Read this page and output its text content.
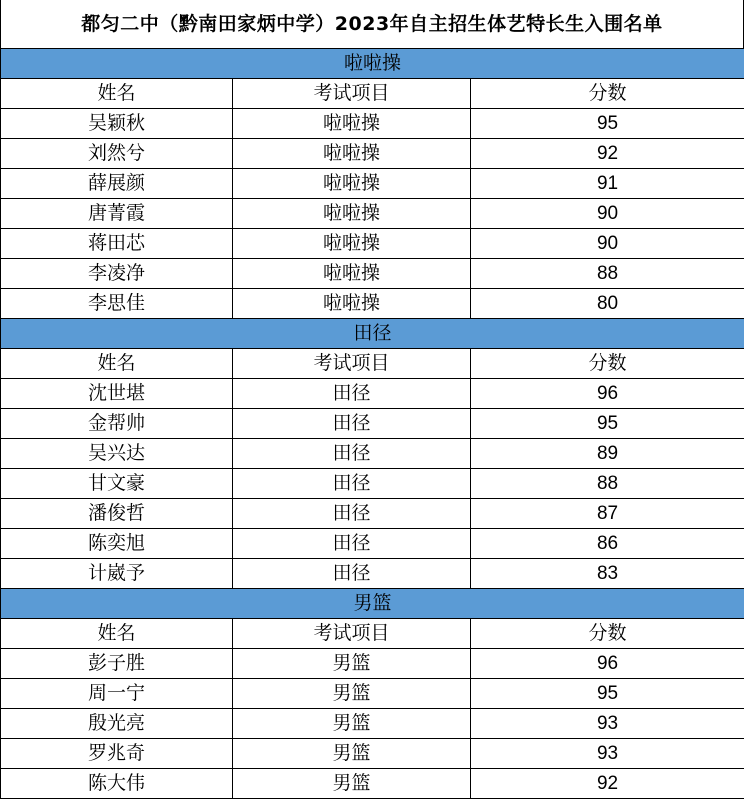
都匀二中（黔南田家炳中学）2023年自主招生体艺特长生入围名单
啦啦操		
姓名	考试项目	分数
吴颖秋	啦啦操	95
刘然兮	啦啦操	92
薛展颜	啦啦操	91
唐菁霞	啦啦操	90
蒋田芯	啦啦操	90
李凌净	啦啦操	88
李思佳	啦啦操	80
田径		
姓名	考试项目	分数
沈世堪	田径	96
金帮帅	田径	95
吴兴达	田径	89
甘文豪	田径	88
潘俊哲	田径	87
陈奕旭	田径	86
计崴予	田径	83
男篮		
姓名	考试项目	分数
彭子胜	男篮	96
周一宁	男篮	95
殷光亮	男篮	93
罗兆奇	男篮	93
陈大伟	男篮	92
